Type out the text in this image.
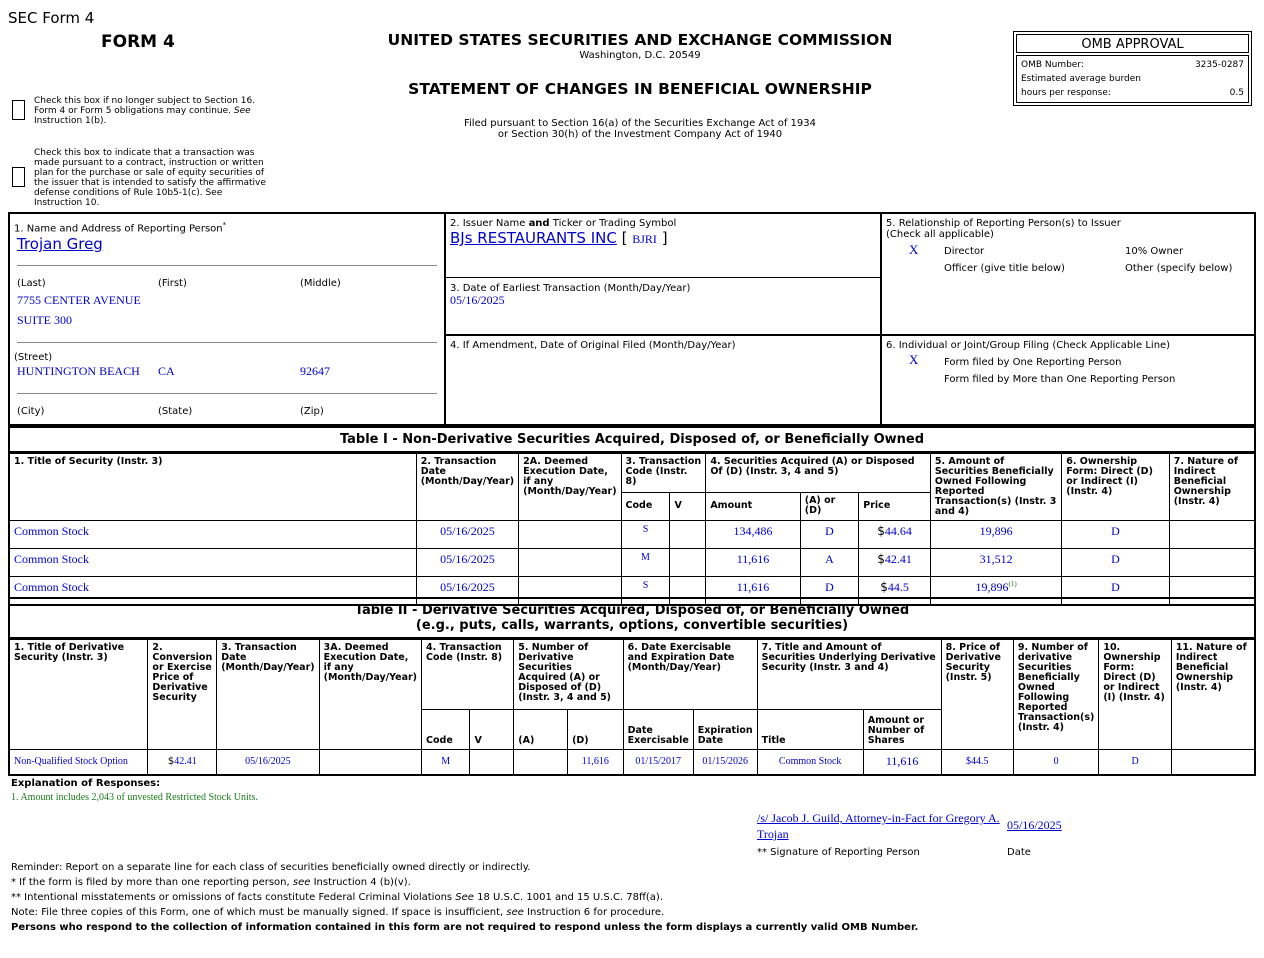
SEC Form 4
FORM 4	UNITED STATES SECURITIES AND EXCHANGE COMMISSION
Washington, D.C. 20549
STATEMENT OF CHANGES IN BENEFICIAL OWNERSHIP
Filed pursuant to Section 16(a) of the Securities Exchange Act of 1934
or Section 30(h) of the Investment Company Act of 1940
Check this box if no longer subject to Section 16. Form 4 or Form 5 obligations may continue. See Instruction 1(b).
Check this box to indicate that a transaction was made pursuant to a contract, instruction or written plan for the purchase or sale of equity securities of the issuer that is intended to satisfy the affirmative defense conditions of Rule 10b5-1(c). See Instruction 10.
OMB APPROVAL
OMB Number:	3235-0287
Estimated average burden
hours per response:	0.5
1. Name and Address of Reporting Person*
Trojan Greg
(Last)	(First)	(Middle)
7755 CENTER AVENUE
SUITE 300
(Street)
HUNTINGTON BEACH CA	92647
(City)	(State)	(Zip)
2. Issuer Name and Ticker or Trading Symbol
BJs RESTAURANTS INC [ BJRI ]
3. Date of Earliest Transaction (Month/Day/Year)
05/16/2025
4. If Amendment, Date of Original Filed (Month/Day/Year)
5. Relationship of Reporting Person(s) to Issuer
(Check all applicable)
X	Director	10% Owner
Officer (give title below)	Other (specify below)
6. Individual or Joint/Group Filing (Check Applicable Line)
X	Form filed by One Reporting Person
Form filed by More than One Reporting Person
Table I - Non-Derivative Securities Acquired, Disposed of, or Beneficially Owned
1. Title of Security (Instr. 3)	2. Transaction Date (Month/Day/Year)	2A. Deemed Execution Date, if any (Month/Day/Year)	3. Transaction Code (Instr. 8)		4. Securities Acquired (A) or Disposed Of (D) (Instr. 3, 4 and 5)			5. Amount of Securities Beneficially Owned Following Reported Transaction(s) (Instr. 3 and 4)	6. Ownership Form: Direct (D) or Indirect (I) (Instr. 4)	7. Nature of Indirect Beneficial Ownership (Instr. 4)
			Code	V	Amount	(A) or (D)	Price			
Common Stock	05/16/2025		S		134,486	D	$44.64	19,896	D	
Common Stock	05/16/2025		M		11,616	A	$42.41	31,512	D	
Common Stock	05/16/2025		S		11,616	D	$44.5	19,896$^{(1)}$	D	
Table II - Derivative Securities Acquired, Disposed of, or Beneficially Owned
(e.g., puts, calls, warrants, options, convertible securities)
1. Title of Derivative Security (Instr. 3)	2. Conversion or Exercise Price of Derivative Security	3. Transaction Date (Month/Day/Year)	3A. Deemed Execution Date, if any (Month/Day/Year)	4. Transaction Code (Instr. 8)		5. Number of Derivative Securities Acquired (A) or Disposed of (D) (Instr. 3, 4 and 5)		6. Date Exercisable and Expiration Date (Month/Day/Year)		7. Title and Amount of Securities Underlying Derivative Security (Instr. 3 and 4)		8. Price of Derivative Security (Instr. 5)	9. Number of derivative Securities Beneficially Owned Following Reported Transaction(s) (Instr. 4)	10. Ownership Form: Direct (D) or Indirect (I) (Instr. 4)	11. Nature of Indirect Beneficial Ownership (Instr. 4)
				Code	V	(A)	(D)	Date Exercisable	Expiration Date	Title	Amount or Number of Shares				
Non-Qualified Stock Option	$42.41	05/16/2025		M			11,616	01/15/2017	01/15/2026	Common Stock	11,616	$44.5	0	D	
Explanation of Responses:
1. Amount includes 2,043 of unvested Restricted Stock Units.
/s/ Jacob J. Guild, Attorney-in-Fact for Gregory A. Trojan
05/16/2025
** Signature of Reporting Person	Date
Reminder: Report on a separate line for each class of securities beneficially owned directly or indirectly.
* If the form is filed by more than one reporting person, see Instruction 4 (b)(v).
** Intentional misstatements or omissions of facts constitute Federal Criminal Violations See 18 U.S.C. 1001 and 15 U.S.C. 78ff(a).
Note: File three copies of this Form, one of which must be manually signed. If space is insufficient, see Instruction 6 for procedure.
Persons who respond to the collection of information contained in this form are not required to respond unless the form displays a currently valid OMB Number.
